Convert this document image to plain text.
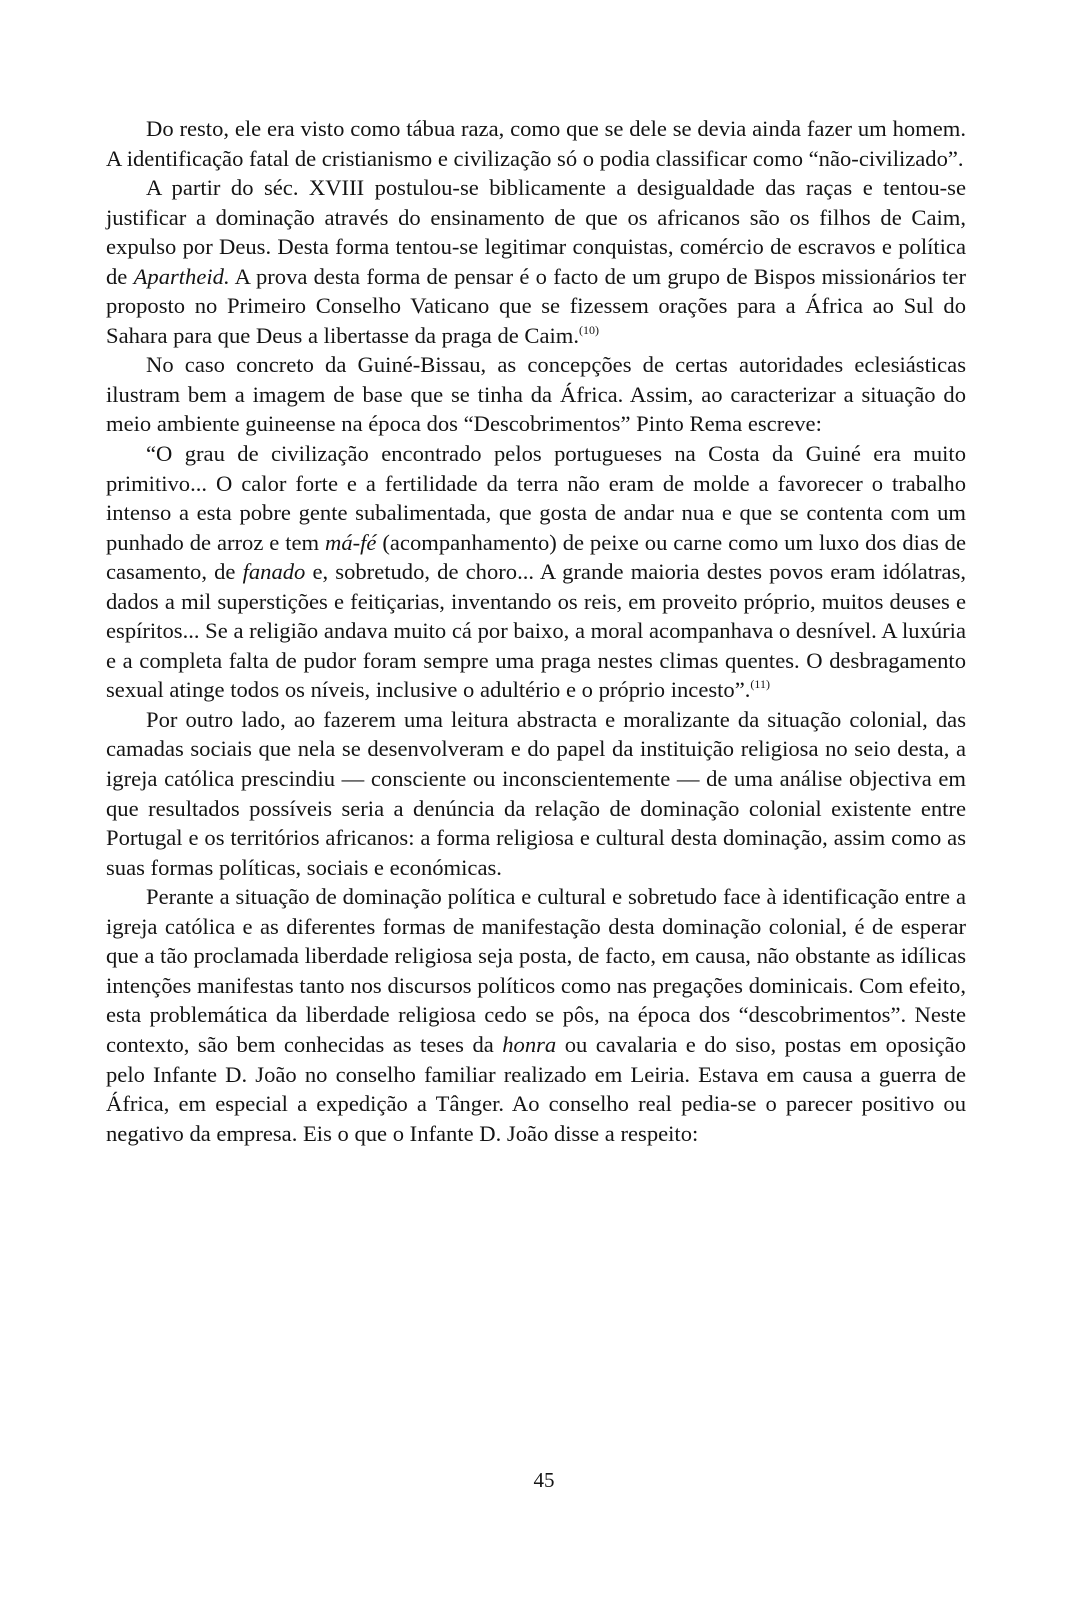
Do resto, ele era visto como tábua raza, como que se dele se devia ainda fazer um homem. A identificação fatal de cristianismo e civilização só o podia classificar como “não-civilizado”.

A partir do séc. XVIII postulou-se biblicamente a desigualdade das raças e tentou-se justificar a dominação através do ensinamento de que os africanos são os filhos de Caim, expulso por Deus. Desta forma tentou-se legitimar conquistas, comércio de escravos e política de Apartheid. A prova desta forma de pensar é o facto de um grupo de Bispos missionários ter proposto no Primeiro Conselho Vaticano que se fizessem orações para a África ao Sul do Sahara para que Deus a libertasse da praga de Caim.$^{(10)}$

No caso concreto da Guiné-Bissau, as concepções de certas autoridades eclesiásticas ilustram bem a imagem de base que se tinha da África. Assim, ao caracterizar a situação do meio ambiente guineense na época dos “Descobrimentos” Pinto Rema escreve:

“O grau de civilização encontrado pelos portugueses na Costa da Guiné era muito primitivo... O calor forte e a fertilidade da terra não eram de molde a favorecer o trabalho intenso a esta pobre gente subalimentada, que gosta de andar nua e que se contenta com um punhado de arroz e tem má-fé (acompanhamento) de peixe ou carne como um luxo dos dias de casamento, de fanado e, sobretudo, de choro... A grande maioria destes povos eram idólatras, dados a mil superstições e feitiçarias, inventando os reis, em proveito próprio, muitos deuses e espíritos... Se a religião andava muito cá por baixo, a moral acompanhava o desnível. A luxúria e a completa falta de pudor foram sempre uma praga nestes climas quentes. O desbragamento sexual atinge todos os níveis, inclusive o adultério e o próprio incesto”.$^{(11)}$

Por outro lado, ao fazerem uma leitura abstracta e moralizante da situação colonial, das camadas sociais que nela se desenvolveram e do papel da instituição religiosa no seio desta, a igreja católica prescindiu — consciente ou inconscientemente — de uma análise objectiva em que resultados possíveis seria a denúncia da relação de dominação colonial existente entre Portugal e os territórios africanos: a forma religiosa e cultural desta dominação, assim como as suas formas políticas, sociais e económicas.

Perante a situação de dominação política e cultural e sobretudo face à identificação entre a igreja católica e as diferentes formas de manifestação desta dominação colonial, é de esperar que a tão proclamada liberdade religiosa seja posta, de facto, em causa, não obstante as idílicas intenções manifestas tanto nos discursos políticos como nas pregações dominicais. Com efeito, esta problemática da liberdade religiosa cedo se pôs, na época dos “descobrimentos”. Neste contexto, são bem conhecidas as teses da honra ou cavalaria e do siso, postas em oposição pelo Infante D. João no conselho familiar realizado em Leiria. Estava em causa a guerra de África, em especial a expedição a Tânger. Ao conselho real pedia-se o parecer positivo ou negativo da empresa. Eis o que o Infante D. João disse a respeito:

45
